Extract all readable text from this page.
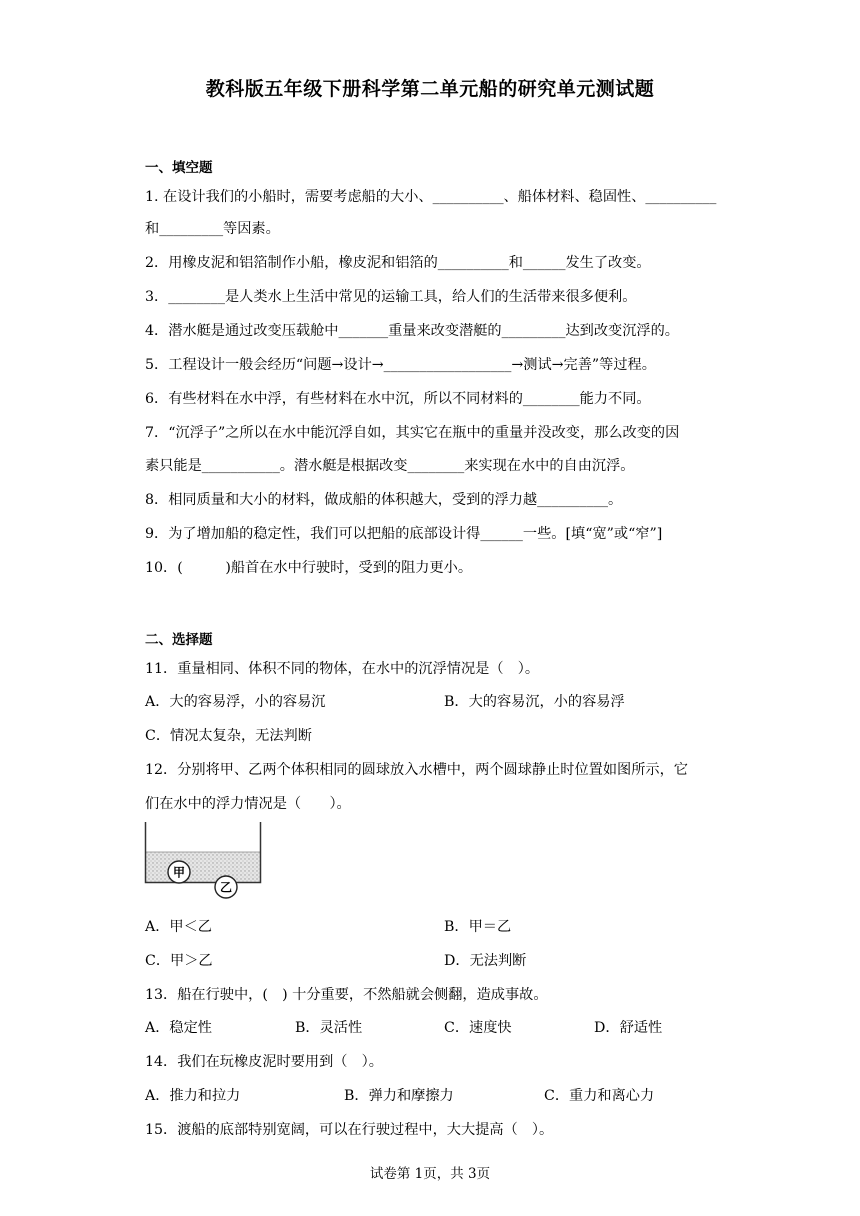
教科版五年级下册科学第二单元船的研究单元测试题
一、填空题
1. 在设计我们的小船时，需要考虑船的大小、__________、船体材料、稳固性、__________
和_________等因素。
2．用橡皮泥和铝箔制作小船，橡皮泥和铝箔的__________和______发生了改变。
3．________是人类水上生活中常见的运输工具，给人们的生活带来很多便利。
4．潜水艇是通过改变压载舱中_______重量来改变潜艇的_________达到改变沉浮的。
5．工程设计一般会经历“问题→设计→__________________→测试→完善”等过程。
6．有些材料在水中浮，有些材料在水中沉，所以不同材料的________能力不同。
7．“沉浮子”之所以在水中能沉浮自如，其实它在瓶中的重量并没改变，那么改变的因
素只能是___________。潜水艇是根据改变________来实现在水中的自由沉浮。
8．相同质量和大小的材料，做成船的体积越大，受到的浮力越__________。
9．为了增加船的稳定性，我们可以把船的底部设计得______一些。[填“宽”或“窄”]
10．(　　　)船首在水中行驶时，受到的阻力更小。
二、选择题
11．重量相同、体积不同的物体，在水中的沉浮情况是（　）。
A．大的容易浮，小的容易沉	B．大的容易沉，小的容易浮
C．情况太复杂，无法判断
12．分别将甲、乙两个体积相同的圆球放入水槽中，两个圆球静止时位置如图所示，它
们在水中的浮力情况是（　　）。
甲
乙
A．甲＜乙	B．甲＝乙
C．甲＞乙	D．无法判断
13．船在行驶中，(　) 十分重要，不然船就会侧翻，造成事故。
A．稳定性	B．灵活性	C．速度快	D．舒适性
14．我们在玩橡皮泥时要用到（　）。
A．推力和拉力	B．弹力和摩擦力	C．重力和离心力
15．渡船的底部特别宽阔，可以在行驶过程中，大大提高（　）。
试卷第 1页，共 3页
